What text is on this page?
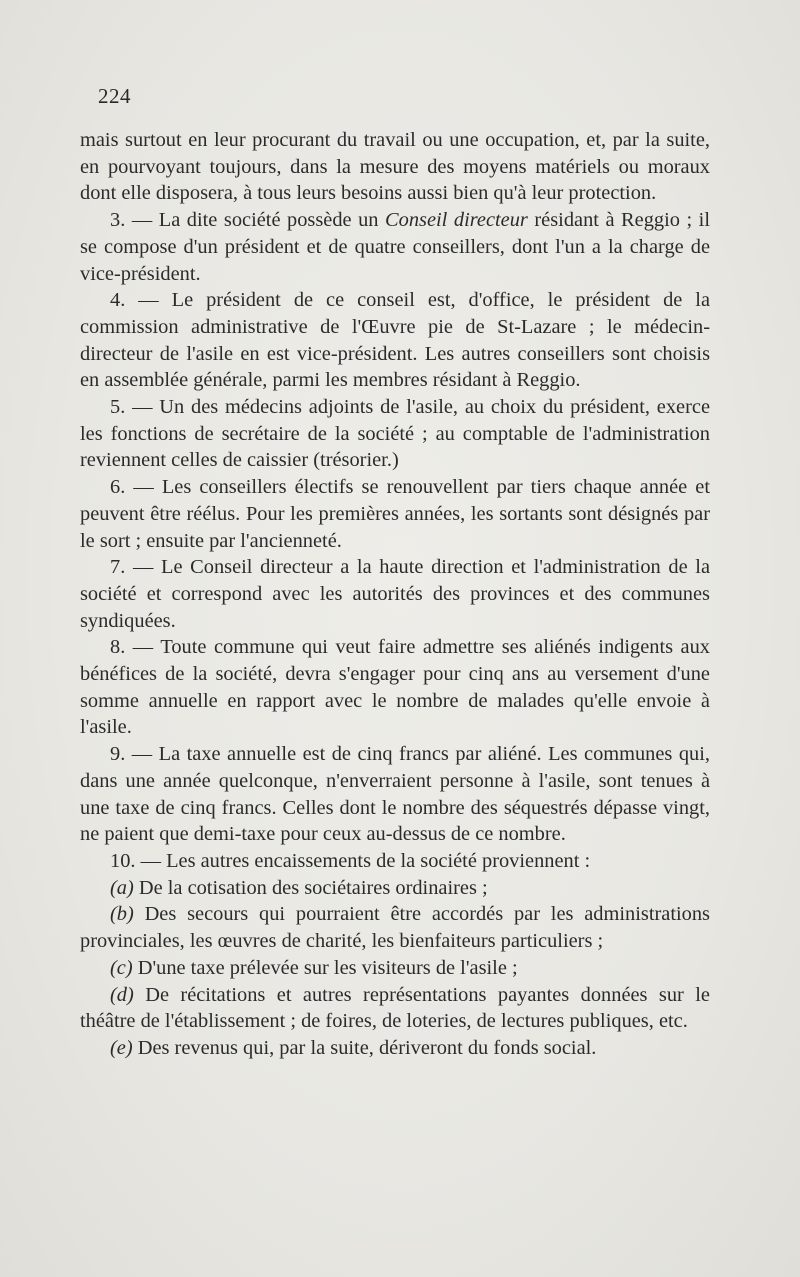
224

mais surtout en leur procurant du travail ou une occupation, et, par la suite, en pourvoyant toujours, dans la mesure des moyens matériels ou moraux dont elle disposera, à tous leurs besoins aussi bien qu'à leur protection.

3. — La dite société possède un Conseil directeur résidant à Reggio ; il se compose d'un président et de quatre conseillers, dont l'un a la charge de vice-président.

4. — Le président de ce conseil est, d'office, le président de la commission administrative de l'Œuvre pie de St-Lazare ; le médecin-directeur de l'asile en est vice-président. Les autres conseillers sont choisis en assemblée générale, parmi les membres résidant à Reggio.

5. — Un des médecins adjoints de l'asile, au choix du président, exerce les fonctions de secrétaire de la société ; au comptable de l'administration reviennent celles de caissier (trésorier.)

6. — Les conseillers électifs se renouvellent par tiers chaque année et peuvent être réélus. Pour les premières années, les sortants sont désignés par le sort ; ensuite par l'ancienneté.

7. — Le Conseil directeur a la haute direction et l'administration de la société et correspond avec les autorités des provinces et des communes syndiquées.

8. — Toute commune qui veut faire admettre ses aliénés indigents aux bénéfices de la société, devra s'engager pour cinq ans au versement d'une somme annuelle en rapport avec le nombre de malades qu'elle envoie à l'asile.

9. — La taxe annuelle est de cinq francs par aliéné. Les communes qui, dans une année quelconque, n'enverraient personne à l'asile, sont tenues à une taxe de cinq francs. Celles dont le nombre des séquestrés dépasse vingt, ne paient que demi-taxe pour ceux au-dessus de ce nombre.

10. — Les autres encaissements de la société proviennent :

(a) De la cotisation des sociétaires ordinaires ;

(b) Des secours qui pourraient être accordés par les administrations provinciales, les œuvres de charité, les bienfaiteurs particuliers ;

(c) D'une taxe prélevée sur les visiteurs de l'asile ;

(d) De récitations et autres représentations payantes données sur le théâtre de l'établissement ; de foires, de loteries, de lectures publiques, etc.

(e) Des revenus qui, par la suite, dériveront du fonds social.
